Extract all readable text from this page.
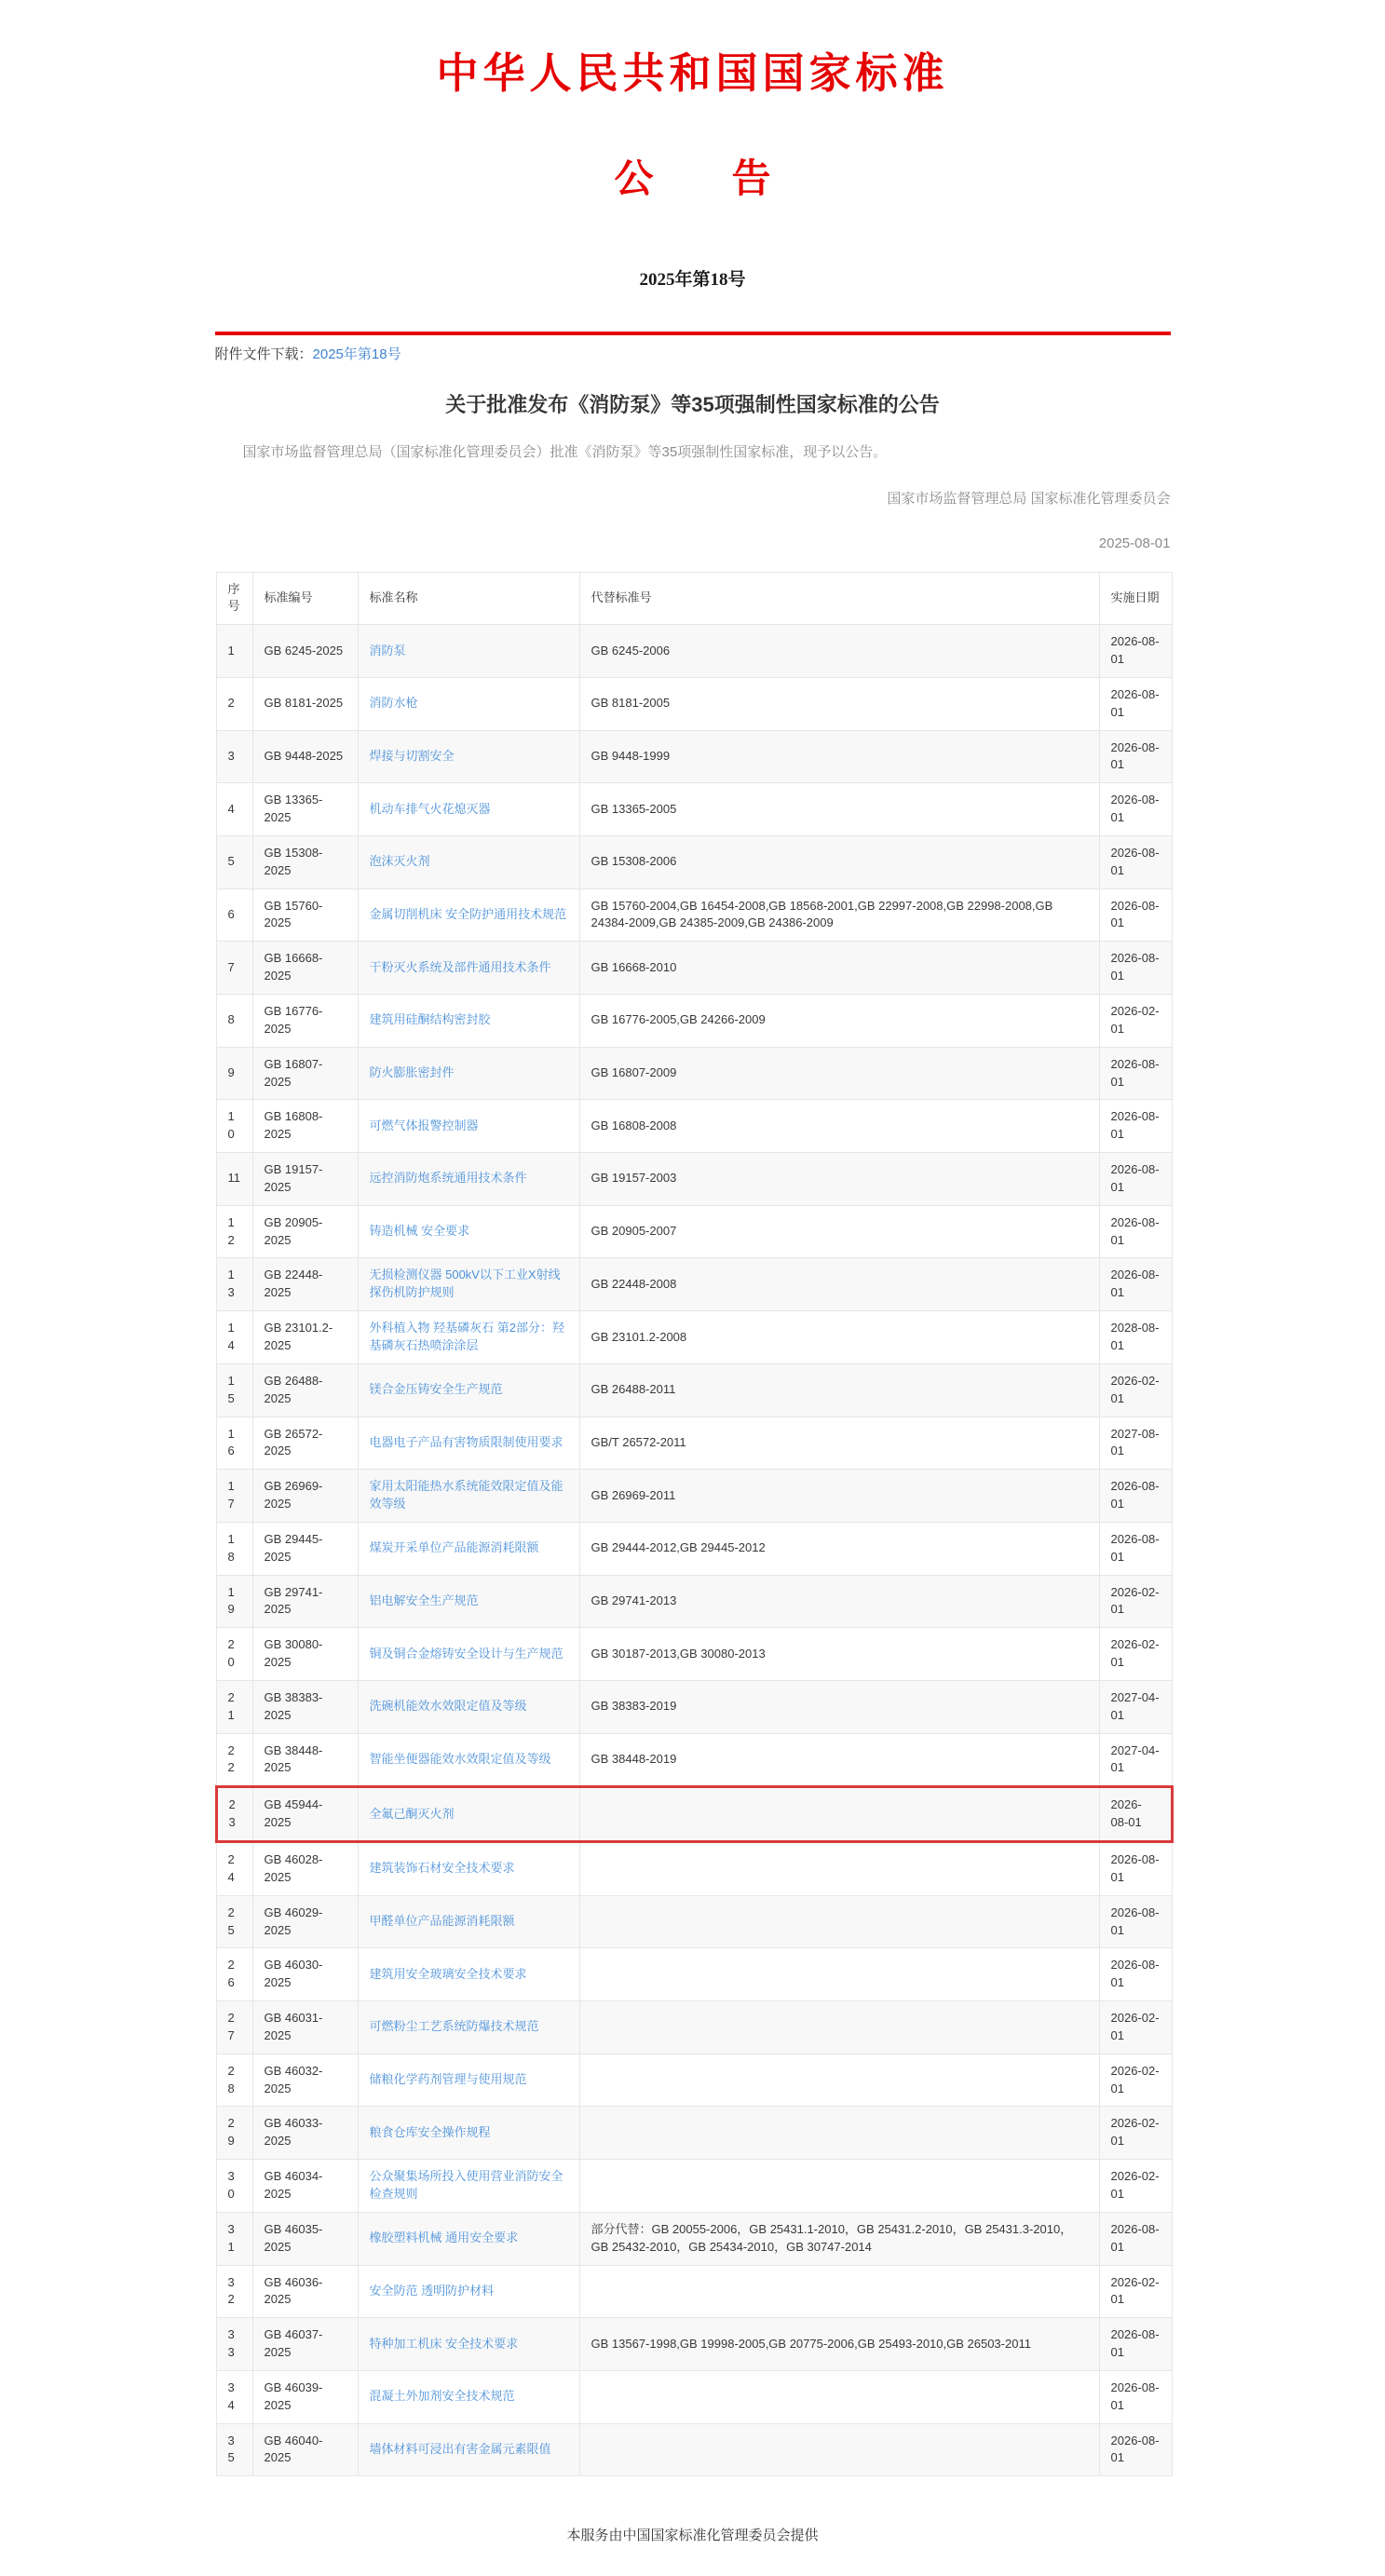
中华人民共和国国家标准
公　　告
2025年第18号
附件文件下载：2025年第18号
关于批准发布《消防泵》等35项强制性国家标准的公告

国家市场监督管理总局（国家标准化管理委员会）批准《消防泵》等35项强制性国家标准，现予以公告。

国家市场监督管理总局 国家标准化管理委员会

2025-08-01

序号	标准编号	标准名称	代替标准号	实施日期
1	GB 6245-2025	消防泵	GB 6245-2006	2026-08-01
2	GB 8181-2025	消防水枪	GB 8181-2005	2026-08-01
3	GB 9448-2025	焊接与切割安全	GB 9448-1999	2026-08-01
4	GB 13365-2025	机动车排气火花熄灭器	GB 13365-2005	2026-08-01
5	GB 15308-2025	泡沫灭火剂	GB 15308-2006	2026-08-01
6	GB 15760-2025	金属切削机床 安全防护通用技术规范	GB 15760-2004,GB 16454-2008,GB 18568-2001,GB 22997-2008,GB 22998-2008,GB 24384-2009,GB 24385-2009,GB 24386-2009	2026-08-01
7	GB 16668-2025	干粉灭火系统及部件通用技术条件	GB 16668-2010	2026-08-01
8	GB 16776-2025	建筑用硅酮结构密封胶	GB 16776-2005,GB 24266-2009	2026-02-01
9	GB 16807-2025	防火膨胀密封件	GB 16807-2009	2026-08-01
10	GB 16808-2025	可燃气体报警控制器	GB 16808-2008	2026-08-01
11	GB 19157-2025	远控消防炮系统通用技术条件	GB 19157-2003	2026-08-01
12	GB 20905-2025	铸造机械 安全要求	GB 20905-2007	2026-08-01
13	GB 22448-2025	无损检测仪器 500kV以下工业X射线探伤机防护规则	GB 22448-2008	2026-08-01
14	GB 23101.2-2025	外科植入物 羟基磷灰石 第2部分：羟基磷灰石热喷涂涂层	GB 23101.2-2008	2028-08-01
15	GB 26488-2025	镁合金压铸安全生产规范	GB 26488-2011	2026-02-01
16	GB 26572-2025	电器电子产品有害物质限制使用要求	GB/T 26572-2011	2027-08-01
17	GB 26969-2025	家用太阳能热水系统能效限定值及能效等级	GB 26969-2011	2026-08-01
18	GB 29445-2025	煤炭开采单位产品能源消耗限额	GB 29444-2012,GB 29445-2012	2026-08-01
19	GB 29741-2025	铝电解安全生产规范	GB 29741-2013	2026-02-01
20	GB 30080-2025	铜及铜合金熔铸安全设计与生产规范	GB 30187-2013,GB 30080-2013	2026-02-01
21	GB 38383-2025	洗碗机能效水效限定值及等级	GB 38383-2019	2027-04-01
22	GB 38448-2025	智能坐便器能效水效限定值及等级	GB 38448-2019	2027-04-01
23	GB 45944-2025	全氟己酮灭火剂		2026-08-01
24	GB 46028-2025	建筑装饰石材安全技术要求		2026-08-01
25	GB 46029-2025	甲醛单位产品能源消耗限额		2026-08-01
26	GB 46030-2025	建筑用安全玻璃安全技术要求		2026-08-01
27	GB 46031-2025	可燃粉尘工艺系统防爆技术规范		2026-02-01
28	GB 46032-2025	储粮化学药剂管理与使用规范		2026-02-01
29	GB 46033-2025	粮食仓库安全操作规程		2026-02-01
30	GB 46034-2025	公众聚集场所投入使用营业消防安全检查规则		2026-02-01
31	GB 46035-2025	橡胶塑料机械 通用安全要求	部分代替：GB 20055-2006，GB 25431.1-2010，GB 25431.2-2010，GB 25431.3-2010，GB 25432-2010，GB 25434-2010，GB 30747-2014	2026-08-01
32	GB 46036-2025	安全防范 透明防护材料		2026-02-01
33	GB 46037-2025	特种加工机床 安全技术要求	GB 13567-1998,GB 19998-2005,GB 20775-2006,GB 25493-2010,GB 26503-2011	2026-08-01
34	GB 46039-2025	混凝土外加剂安全技术规范		2026-08-01
35	GB 46040-2025	墙体材料可浸出有害金属元素限值		2026-08-01
本服务由中国国家标准化管理委员会提供
